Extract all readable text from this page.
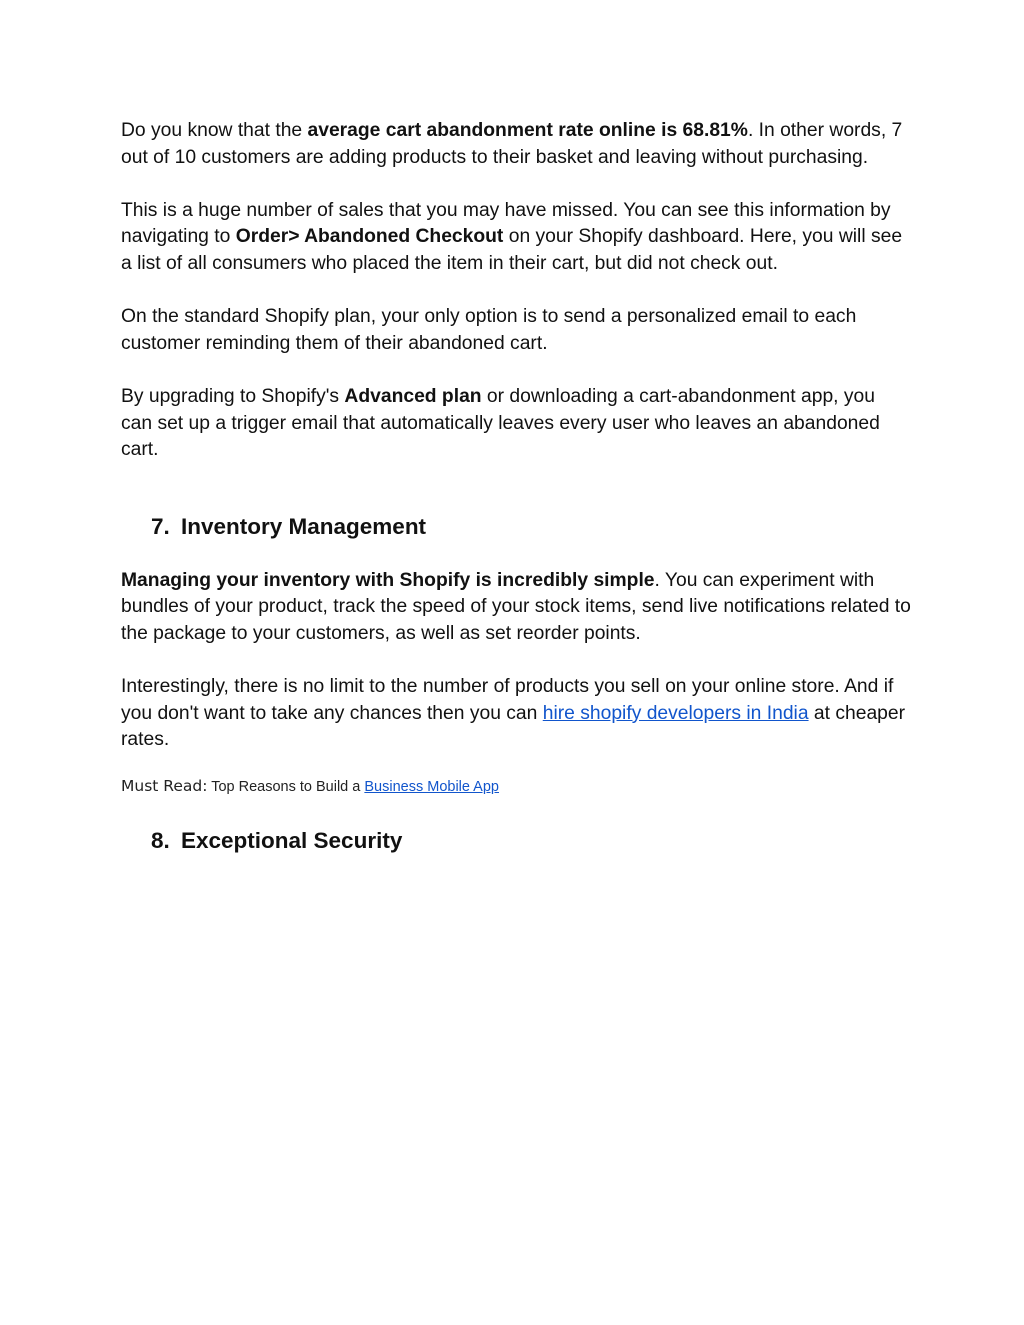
Do you know that the average cart abandonment rate online is 68.81%. In other words, 7 out of 10 customers are adding products to their basket and leaving without purchasing.

This is a huge number of sales that you may have missed. You can see this information by navigating to Order> Abandoned Checkout on your Shopify dashboard. Here, you will see a list of all consumers who placed the item in their cart, but did not check out.

On the standard Shopify plan, your only option is to send a personalized email to each customer reminding them of their abandoned cart.

By upgrading to Shopify's Advanced plan or downloading a cart-abandonment app, you can set up a trigger email that automatically leaves every user who leaves an abandoned cart.

7. Inventory Management

Managing your inventory with Shopify is incredibly simple. You can experiment with bundles of your product, track the speed of your stock items, send live notifications related to the package to your customers, as well as set reorder points.

Interestingly, there is no limit to the number of products you sell on your online store. And if you don't want to take any chances then you can hire shopify developers in India at cheaper rates.

Must Read: Top Reasons to Build a Business Mobile App

8. Exceptional Security
